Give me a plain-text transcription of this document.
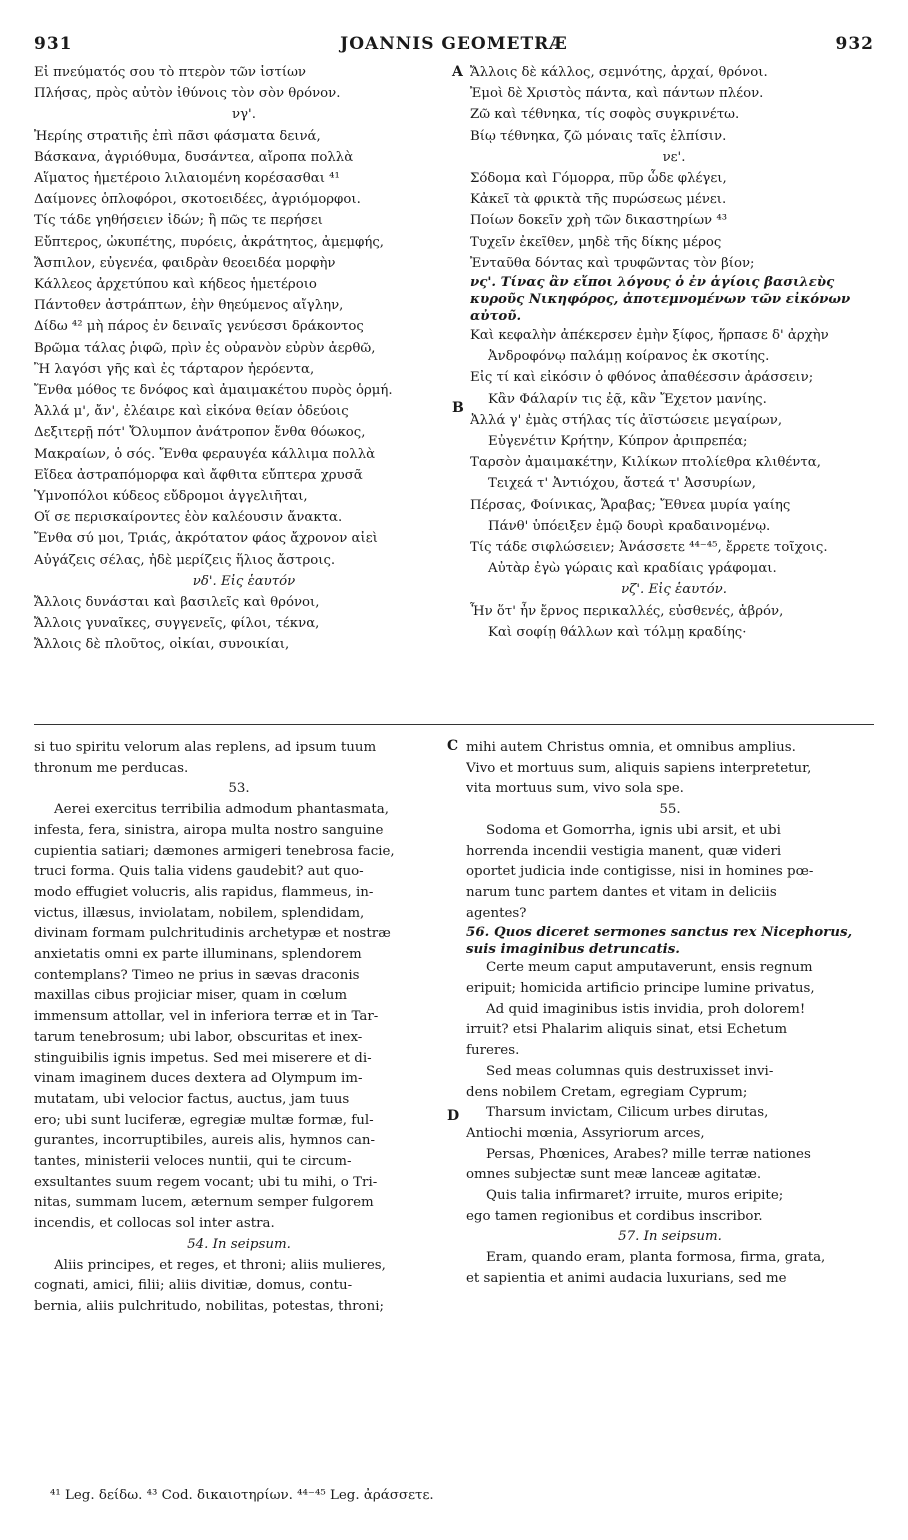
931	JOANNIS GEOMETRÆ	932
Εἰ πνεύματός σου τὸ πτερὸν τῶν ἱστίων
Πλήσας, πρὸς αὐτὸν ἰθύνοις τὸν σὸν θρόνον.
νγ'.
Ἠερίης στρατιῆς ἐπὶ πᾶσι φάσματα δεινά,
Βάσκανα, ἀγριόθυμα, δυσάντεα, αἴροπα πολλὰ
Αἵματος ἡμετέροιο λιλαιομένη κορέσασθαι ⁴¹
Δαίμονες ὁπλοφόροι, σκοτοειδέες, ἀγριόμορφοι.
Τίς τάδε γηθήσειεν ἰδών; ἢ πῶς τε περήσει
Εὔπτερος, ὠκυπέτης, πυρόεις, ἀκράτητος, ἀμεμφής,
Ἄσπιλον, εὐγενέα, φαιδρὰν θεοειδέα μορφὴν
Κάλλεος ἀρχετύπου καὶ κήδεος ἡμετέροιο
Πάντοθεν ἀστράπτων, ἑὴν θηεύμενος αἴγλην,
Δίδω ⁴² μὴ πάρος ἐν δειναῖς γενύεσσι δράκοντος
Βρῶμα τάλας ῥιφῶ, πρὶν ἐς οὐρανὸν εὐρὺν ἀερθῶ,
Ἢ λαγόσι γῆς καὶ ἐς τάρταρον ἠερόεντα,
Ἔνθα μόθος τε δνόφος καὶ ἀμαιμακέτου πυρὸς ὁρμή.
Ἀλλά μ', ἄν', ἐλέαιρε καὶ εἰκόνα θείαν ὁδεύοις
Δεξιτερῇ πότ' Ὄλυμπον ἀνάτροπον ἔνθα θόωκος,
Μακραίων, ὁ σός. Ἔνθα φεραυγέα κάλλιμα πολλὰ
Εἴδεα ἀστραπόμορφα καὶ ἄφθιτα εὔπτερα χρυσᾶ
Ὑμνοπόλοι κύδεος εὔδρομοι ἀγγελιῆται,
Οἵ σε περισκαίροντες ἑὸν καλέουσιν ἄνακτα.
Ἔνθα σύ μοι, Τριάς, ἀκρότατον φάος ἄχρονον αἰεὶ
Αὐγάζεις σέλας, ἠδὲ μερίζεις ἥλιος ἄστροις.
νδ'. Εἰς ἑαυτόν
Ἄλλοις δυνάσται καὶ βασιλεῖς καὶ θρόνοι,
Ἄλλοις γυναῖκες, συγγενεῖς, φίλοι, τέκνα,
Ἄλλοις δὲ πλοῦτος, οἰκίαι, συνοικίαι,
Ἄλλοις δὲ κάλλος, σεμνότης, ἀρχαί, θρόνοι.
Ἐμοὶ δὲ Χριστὸς πάντα, καὶ πάντων πλέον.
Ζῶ καὶ τέθνηκα, τίς σοφὸς συγκρινέτω.
Βίῳ τέθνηκα, ζῶ μόναις ταῖς ἐλπίσιν.
νε'.
Σόδομα καὶ Γόμορρα, πῦρ ὧδε φλέγει,
Κἀκεῖ τὰ φρικτὰ τῆς πυρώσεως μένει.
Ποίων δοκεῖν χρὴ τῶν δικαστηρίων ⁴³
Τυχεῖν ἐκεῖθεν, μηδὲ τῆς δίκης μέρος
Ἐνταῦθα δόντας καὶ τρυφῶντας τὸν βίον;
νς'. Τίνας ἂν εἴποι λόγους ὁ ἐν ἁγίοις βασιλεὺς κυροῦς Νικηφόρος, ἀποτεμνομένων τῶν εἰκόνων αὐτοῦ.
Καὶ κεφαλὴν ἀπέκερσεν ἐμὴν ξίφος, ἥρπασε δ' ἀρχὴν
Ἀνδροφόνῳ παλάμῃ κοίρανος ἐκ σκοτίης.
Εἰς τί καὶ εἰκόσιν ὁ φθόνος ἀπαθέεσσιν ἀράσσειν;
Κἂν Φάλαρίν τις ἐᾷ, κἂν Ἔχετον μανίης.
Ἀλλά γ' ἐμὰς στήλας τίς ἀϊστώσειε μεγαίρων,
Εὐγενέτιν Κρήτην, Κύπρον ἀριπρεπέα;
Ταρσὸν ἀμαιμακέτην, Κιλίκων πτολίεθρα κλιθέντα,
Τειχεά τ' Ἀντιόχου, ἄστεά τ' Ἀσσυρίων,
Πέρσας, Φοίνικας, Ἄραβας; Ἔθνεα μυρία γαίης
Πάνθ' ὑπόειξεν ἐμῷ δουρὶ κραδαινομένῳ.
Τίς τάδε σιφλώσειεν; Ἀνάσσετε ⁴⁴⁻⁴⁵, ἔρρετε τοῖχοις.
Αὐτὰρ ἐγὼ γώραις καὶ κραδίαις γράφομαι.
νζ'. Εἰς ἑαυτόν.
Ἦν ὅτ' ἦν ἔρνος περικαλλές, εὐσθενές, ἁβρόν,
Καὶ σοφίῃ θάλλων καὶ τόλμῃ κραδίης·
si tuo spiritu velorum alas replens, ad ipsum tuum
thronum me perducas.
53.
Aerei exercitus terribilia admodum phantasmata,
infesta, fera, sinistra, airopa multa nostro sanguine
cupientia satiari; dæmones armigeri tenebrosa facie,
truci forma. Quis talia videns gaudebit? aut quo-
modo effugiet volucris, alis rapidus, flammeus, in-
victus, illæsus, inviolatam, nobilem, splendidam,
divinam formam pulchritudinis archetypæ et nostræ
anxietatis omni ex parte illuminans, splendorem
contemplans? Timeo ne prius in sævas draconis
maxillas cibus projiciar miser, quam in cœlum
immensum attollar, vel in inferiora terræ et in Tar-
tarum tenebrosum; ubi labor, obscuritas et inex-
stinguibilis ignis impetus. Sed mei miserere et di-
vinam imaginem duces dextera ad Olympum im-
mutatam, ubi velocior factus, auctus, jam tuus
ero; ubi sunt luciferæ, egregiæ multæ formæ, ful-
gurantes, incorruptibiles, aureis alis, hymnos can-
tantes, ministerii veloces nuntii, qui te circum-
exsultantes suum regem vocant; ubi tu mihi, o Tri-
nitas, summam lucem, æternum semper fulgorem
incendis, et collocas sol inter astra.
54. In seipsum.
Aliis principes, et reges, et throni; aliis mulieres,
cognati, amici, filii; aliis divitiæ, domus, contu-
bernia, aliis pulchritudo, nobilitas, potestas, throni;
mihi autem Christus omnia, et omnibus amplius.
Vivo et mortuus sum, aliquis sapiens interpretetur,
vita mortuus sum, vivo sola spe.
55.
Sodoma et Gomorrha, ignis ubi arsit, et ubi
horrenda incendii vestigia manent, quæ videri
oportet judicia inde contigisse, nisi in homines pœ-
narum tunc partem dantes et vitam in deliciis
agentes?
56. Quos diceret sermones sanctus rex Nicephorus, suis imaginibus detruncatis.
Certe meum caput amputaverunt, ensis regnum
eripuit; homicida artificio principe lumine privatus,
Ad quid imaginibus istis invidia, proh dolorem!
irruit? etsi Phalarim aliquis sinat, etsi Echetum
fureres.
Sed meas columnas quis destruxisset invi-
dens nobilem Cretam, egregiam Cyprum;
Tharsum invictam, Cilicum urbes dirutas,
Antiochi mœnia, Assyriorum arces,
Persas, Phœnices, Arabes? mille terræ nationes
omnes subjectæ sunt meæ lanceæ agitatæ.
Quis talia infirmaret? irruite, muros eripite;
ego tamen regionibus et cordibus inscribor.
57. In seipsum.
Eram, quando eram, planta formosa, firma, grata,
et sapientia et animi audacia luxurians, sed me
A
B
C
D
⁴¹ Leg. δείδω. ⁴³ Cod. δικαιοτηρίων. ⁴⁴⁻⁴⁵ Leg. ἀράσσετε.
